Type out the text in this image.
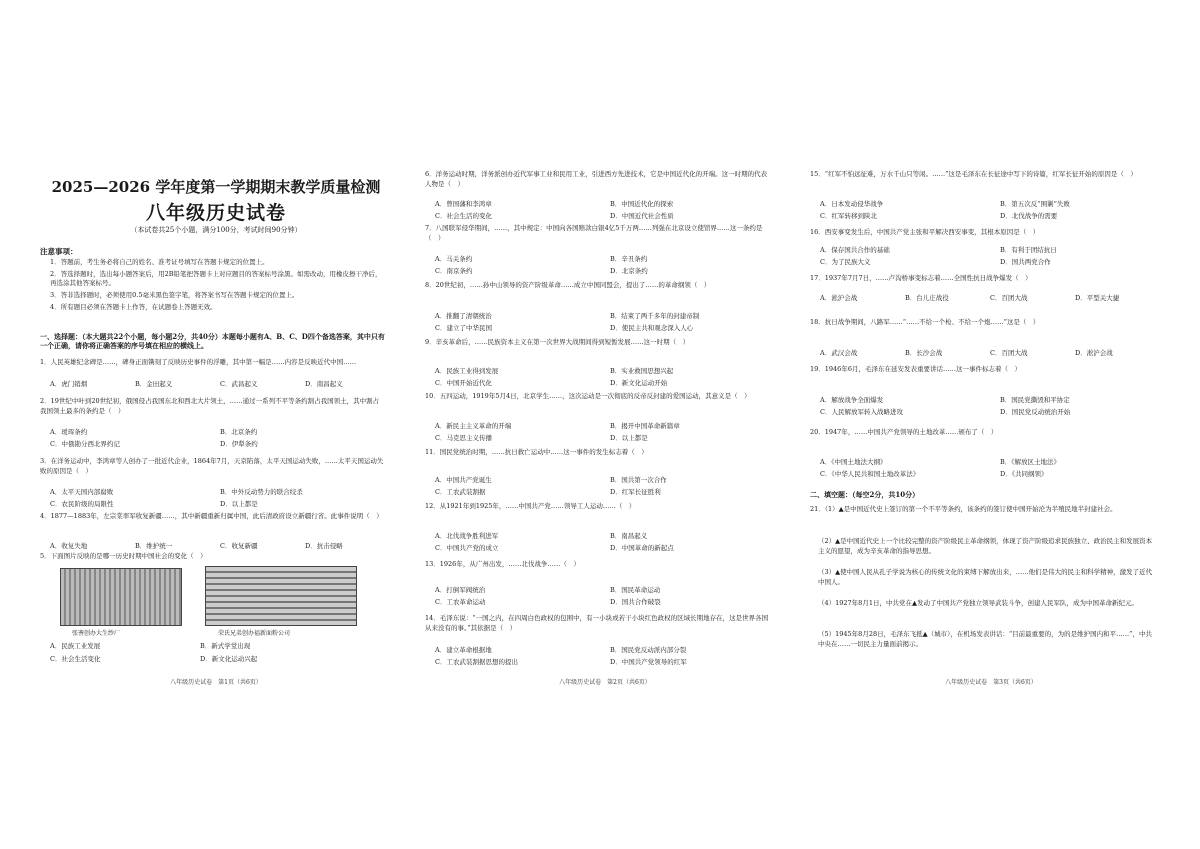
2025—2026 学年度第一学期期末教学质量检测
八年级历史试卷
（本试卷共25个小题，满分100分，考试时间90分钟）
注意事项：
1．答题前，考生务必将自己的姓名、准考证号填写在答题卡规定的位置上。
2．答选择题时，选出每小题答案后，用2B铅笔把答题卡上对应题目的答案标号涂黑。如需改动，用橡皮擦干净后，再选涂其他答案标号。
3．答非选择题时，必须使用0.5毫米黑色签字笔，将答案书写在答题卡规定的位置上。
4．所有题目必须在答题卡上作答，在试题卷上答题无效。
一、选择题：（本大题共22个小题，每小题2分，共40分）本题每小题有A、B、C、D四个备选答案，其中只有一个正确，请你将正确答案的序号填在相应的横线上。
1．人民英雄纪念碑是……，碑身正面镌刻了反映历史事件的浮雕，其中第一幅是……内容是反映近代中国……
A．虎门销烟	B．金田起义	C．武昌起义	D．南昌起义
2．19世纪中叶到20世纪初，俄国侵占我国东北和西北大片领土，……通过一系列不平等条约割占我国领土，其中割占我国领土最多的条约是（　）
A．瑷珲条约	B．北京条约
C．中俄勘分西北界约记	D．伊犁条约
3．在洋务运动中，李鸿章等人创办了一批近代企业，1864年7月，天京陷落，太平天国运动失败，……太平天国运动失败的原因是（　）
A．太平天国内部腐败	B．中外反动势力的联合绞杀
C．农民阶级的局限性	D．以上都是
4．1877—1883年，左宗棠率军收复新疆……，其中新疆重新归属中国，此后清政府设立新疆行省。此事件说明（　）
A．收复失地	B．维护统一	C．收复新疆	D．抗击侵略
5．下面图片反映的是哪一历史时期中国社会的变化（　）
张謇创办大生纱厂	荣氏兄弟创办福新面粉公司
A．民族工业发展	B．新式学堂出现
C．社会生活变化	D．新文化运动兴起
八年级历史试卷　第1页（共6页）
6．洋务运动时期，洋务派创办近代军事工业和民用工业，引进西方先进技术，它是中国近代化的开端。这一时期的代表人物是（　）
A．曾国藩和李鸿章	B．中国近代化的探索
C．社会生活的变化	D．中国近代社会性质
7．八国联军侵华期间，……，其中规定：中国向各国赔款白银4亿5千万两……列强在北京设立使馆界……这一条约是（　）
A．马关条约	B．辛丑条约
C．南京条约	D．北京条约
8．20世纪初，……孙中山领导的资产阶级革命……成立中国同盟会，提出了……的革命纲领（　）
A．推翻了清朝统治	B．结束了两千多年的封建帝制
C．建立了中华民国	D．使民主共和观念深入人心
9．辛亥革命后，……民族资本主义在第一次世界大战期间得到短暂发展……这一时期（　）
A．民族工业得到发展	B．实业救国思想兴起
C．中国开始近代化	D．新文化运动开始
10．五四运动，1919年5月4日，北京学生……，这次运动是一次彻底的反帝反封建的爱国运动，其意义是（　）
A．新民主主义革命的开端	B．揭开中国革命新篇章
C．马克思主义传播	D．以上都是
11．国民党统治时期，……抗日救亡运动中……这一事件的发生标志着（　）
A．中国共产党诞生	B．国共第一次合作
C．工农武装割据	D．红军长征胜利
12．从1921年到1925年，……中国共产党……领导工人运动……（　）
A．北伐战争胜利进军	B．南昌起义
C．中国共产党的成立	D．中国革命的新起点
13．1926年，从广州出发，……北伐战争……（　）
A．打倒军阀统治	B．国民革命运动
C．工农革命运动	D．国共合作破裂
14．毛泽东说：“一国之内，在四周白色政权的包围中，有一小块或若干小块红色政权的区域长期地存在，这是世界各国从来没有的事。”其依据是（　）
A．建立革命根据地	B．国民党反动派内部分裂
C．工农武装割据思想的提出	D．中国共产党领导的红军
八年级历史试卷　第2页（共6页）
15．“红军不怕远征难，万水千山只等闲。……”这是毛泽东在长征途中写下的诗篇，红军长征开始的原因是（　）
A．日本发动侵华战争	B．第五次反“围剿”失败
C．红军转移到陕北	D．北伐战争的需要
16．西安事变发生后，中国共产党主张和平解决西安事变，其根本原因是（　）
A．保存国共合作的基础	B．有利于团结抗日
C．为了民族大义	D．国共两党合作
17．1937年7月7日，……卢沟桥事变标志着……全国性抗日战争爆发（　）
A．淞沪会战	B．台儿庄战役	C．百团大战	D．平型关大捷
18．抗日战争期间，八路军……“……不给一个枪、不给一个炮……”这是（　）
A．武汉会战	B．长沙会战	C．百团大战	D．淞沪会战
19．1946年6月，毛泽东在延安发表重要讲话……这一事件标志着（　）
A．解放战争全面爆发	B．国民党撕毁和平协定
C．人民解放军转入战略进攻	D．国民党反动统治开始
20．1947年，……中国共产党领导的土地改革……颁布了（　）
A．《中国土地法大纲》	B．《解放区土地法》
C．《中华人民共和国土地改革法》	D．《共同纲领》
二、填空题：（每空2分，共10分）
21．（1）▲是中国近代史上签订的第一个不平等条约，该条约的签订使中国开始沦为半殖民地半封建社会。
（2）▲是中国近代史上一个比较完整的资产阶级民主革命纲领，体现了资产阶级追求民族独立、政治民主和发展资本主义的愿望，成为辛亥革命的指导思想。
（3）▲使中国人民从孔子学说为核心的传统文化的束缚下解放出来，……他们是伟大的民主和科学精神，激发了近代中国人。
（4）1927年8月1日，中共党在▲发动了中国共产党独立领导武装斗争，创建人民军队，成为中国革命新纪元。
（5）1945年8月28日，毛泽东飞抵▲（城市），在机场发表讲话：“目前最重要的，为的是维护国内和平……”，中共中央在……一切民主力量面前揭示。
八年级历史试卷　第3页（共6页）
